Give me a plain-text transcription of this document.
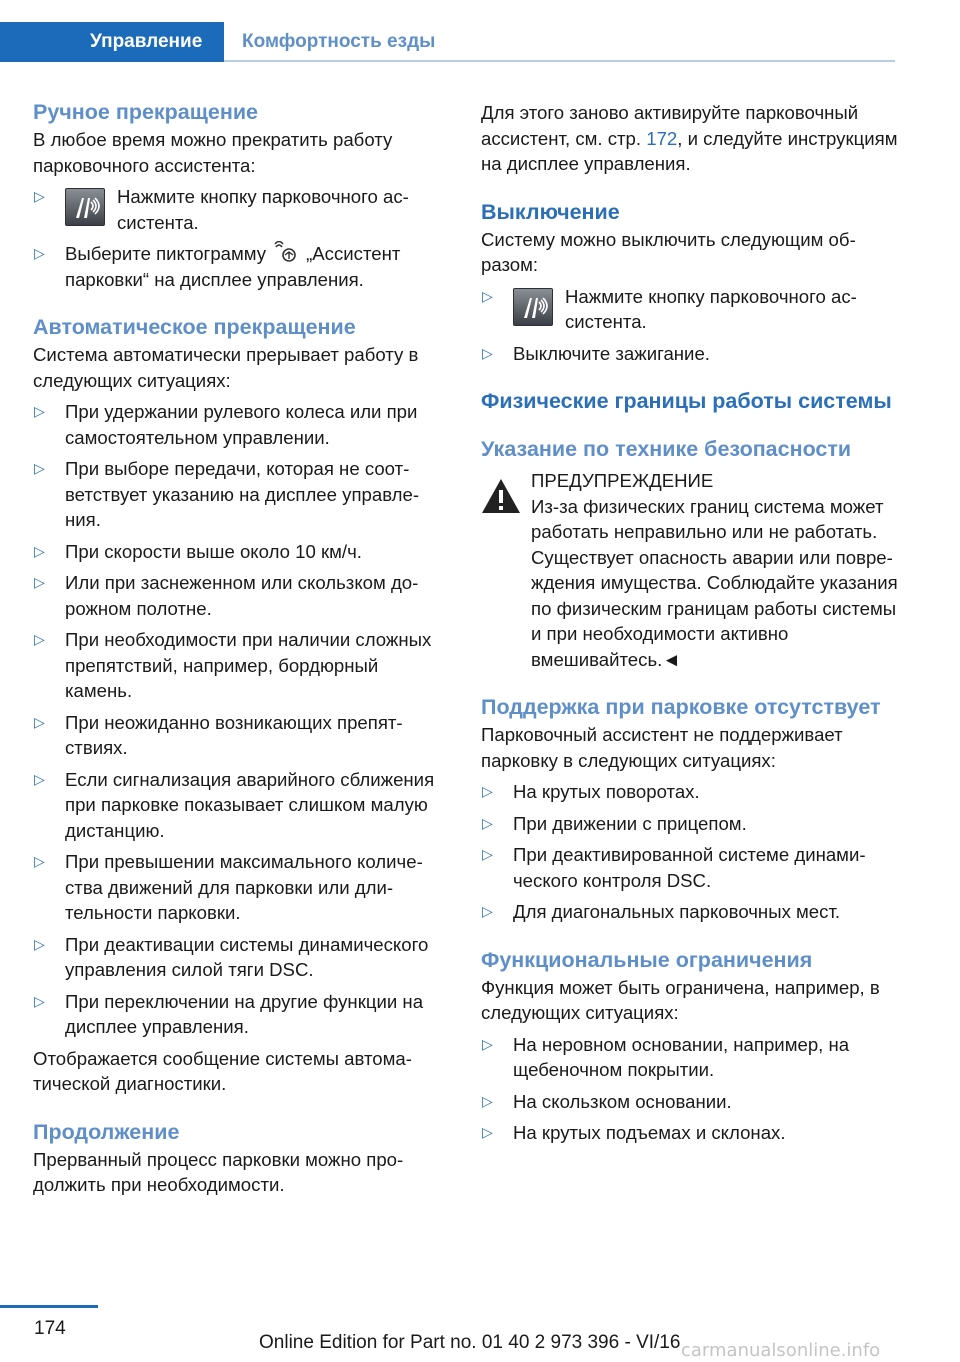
Управление	Комфортность езды
Ручное прекращение

В любое время можно прекратить работу парковочного ассистента:

▷	Нажмите кнопку парковочного ассистента.
▷ Выберите пиктограмму „Ассистент парковки“ на дисплее управления.
Автоматическое прекращение

Система автоматически прерывает работу в следующих ситуациях:

▷ При удержании рулевого колеса или при самостоятельном управлении.
▷ При выборе передачи, которая не соответствует указанию на дисплее управления.
▷ При скорости выше около 10 км/ч.
▷ Или при заснеженном или скользком дорожном полотне.
▷ При необходимости при наличии сложных препятствий, например, бордюрный камень.
▷ При неожиданно возникающих препятствиях.
▷ Если сигнализация аварийного сближения при парковке показывает слишком малую дистанцию.
▷ При превышении максимального количества движений для парковки или длительности парковки.
▷ При деактивации системы динамического управления силой тяги DSC.
▷ При переключении на другие функции на дисплее управления.

Отображается сообщение системы автоматической диагностики.

Продолжение

Прерванный процесс парковки можно продолжить при необходимости.

Для этого заново активируйте парковочный ассистент, см. стр. 172, и следуйте инструкциям на дисплее управления.

Выключение

Систему можно выключить следующим образом:

▷	Нажмите кнопку парковочного ассистента.
▷ Выключите зажигание.
Физические границы работы системы
Указание по технике безопасности
ПРЕДУПРЕЖДЕНИЕ
Из-за физических границ система может работать неправильно или не работать. Существует опасность аварии или повреждения имущества. Соблюдайте указания по физическим границам работы системы и при необходимости активно вмешивайтесь.◄
Поддержка при парковке отсутствует

Парковочный ассистент не поддерживает парковку в следующих ситуациях:

▷ На крутых поворотах.
▷ При движении с прицепом.
▷ При деактивированной системе динамического контроля DSC.
▷ Для диагональных парковочных мест.
Функциональные ограничения

Функция может быть ограничена, например, в следующих ситуациях:

▷ На неровном основании, например, на щебеночном покрытии.
▷ На скользком основании.
▷ На крутых подъемах и склонах.
174
Online Edition for Part no. 01 40 2 973 396 - VI/16 carmanualsonline.info
